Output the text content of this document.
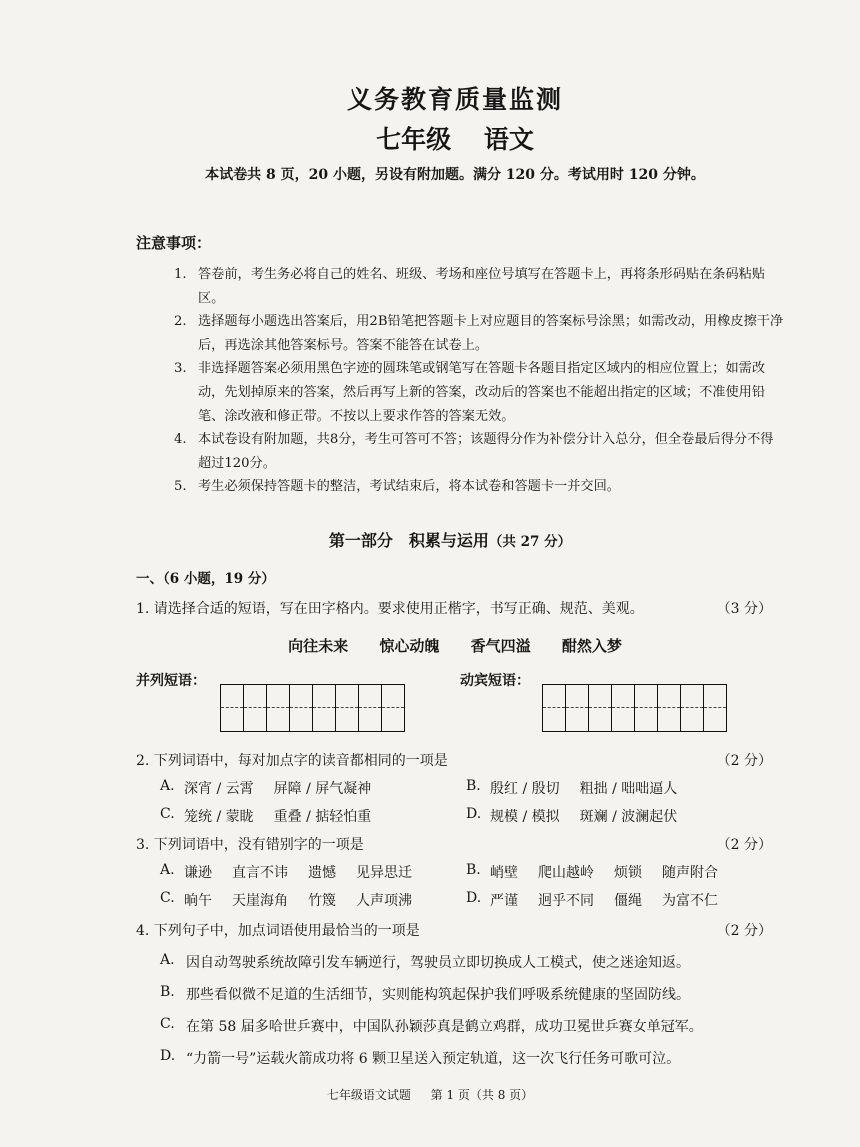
义务教育质量监测
七年级 语文
本试卷共 8 页，20 小题，另设有附加题。满分 120 分。考试用时 120 分钟。
注意事项：
1. 答卷前，考生务必将自己的姓名、班级、考场和座位号填写在答题卡上，再将条形码贴在条码粘贴区。
2. 选择题每小题选出答案后，用2B铅笔把答题卡上对应题目的答案标号涂黑；如需改动，用橡皮擦干净后，再选涂其他答案标号。答案不能答在试卷上。
3. 非选择题答案必须用黑色字迹的圆珠笔或钢笔写在答题卡各题目指定区域内的相应位置上；如需改动，先划掉原来的答案，然后再写上新的答案，改动后的答案也不能超出指定的区域；不准使用铅笔、涂改液和修正带。不按以上要求作答的答案无效。
4. 本试卷设有附加题，共8分，考生可答可不答；该题得分作为补偿分计入总分，但全卷最后得分不得超过120分。
5. 考生必须保持答题卡的整洁，考试结束后，将本试卷和答题卡一并交回。
第一部分　积累与运用（共 27 分）
一、（6 小题，19 分）
1. 请选择合适的短语，写在田字格内。要求使用正楷字，书写正确、规范、美观。	（3 分）
向往未来 惊心动魄 香气四溢 酣然入梦
并列短语：	动宾短语：
2. 下列词语中，每对加点字的读音都相同的一项是	（2 分）
A. 深宵 / 云霄 屏障 / 屏气凝神	B. 殷红 / 殷切 粗拙 / 咄咄逼人
C. 笼统 / 蒙眬 重叠 / 掂轻怕重	D. 规模 / 模拟 斑斓 / 波澜起伏
3. 下列词语中，没有错别字的一项是	（2 分）
A. 谦逊 直言不讳 遗憾 见异思迁	B. 峭壁 爬山越岭 烦锁 随声附合
C. 晌午 天崖海角 竹篾 人声项沸	D. 严谨 迥乎不同 僵绳 为富不仁
4. 下列句子中，加点词语使用最恰当的一项是	（2 分）
A. 因自动驾驶系统故障引发车辆逆行，驾驶员立即切换成人工模式，使之迷途知返。
B. 那些看似微不足道的生活细节，实则能构筑起保护我们呼吸系统健康的坚固防线。
C. 在第 58 届多哈世乒赛中，中国队孙颖莎真是鹤立鸡群，成功卫冕世乒赛女单冠军。
D. “力箭一号”运载火箭成功将 6 颗卫星送入预定轨道，这一次飞行任务可歌可泣。
七年级语文试题 第 1 页（共 8 页）
